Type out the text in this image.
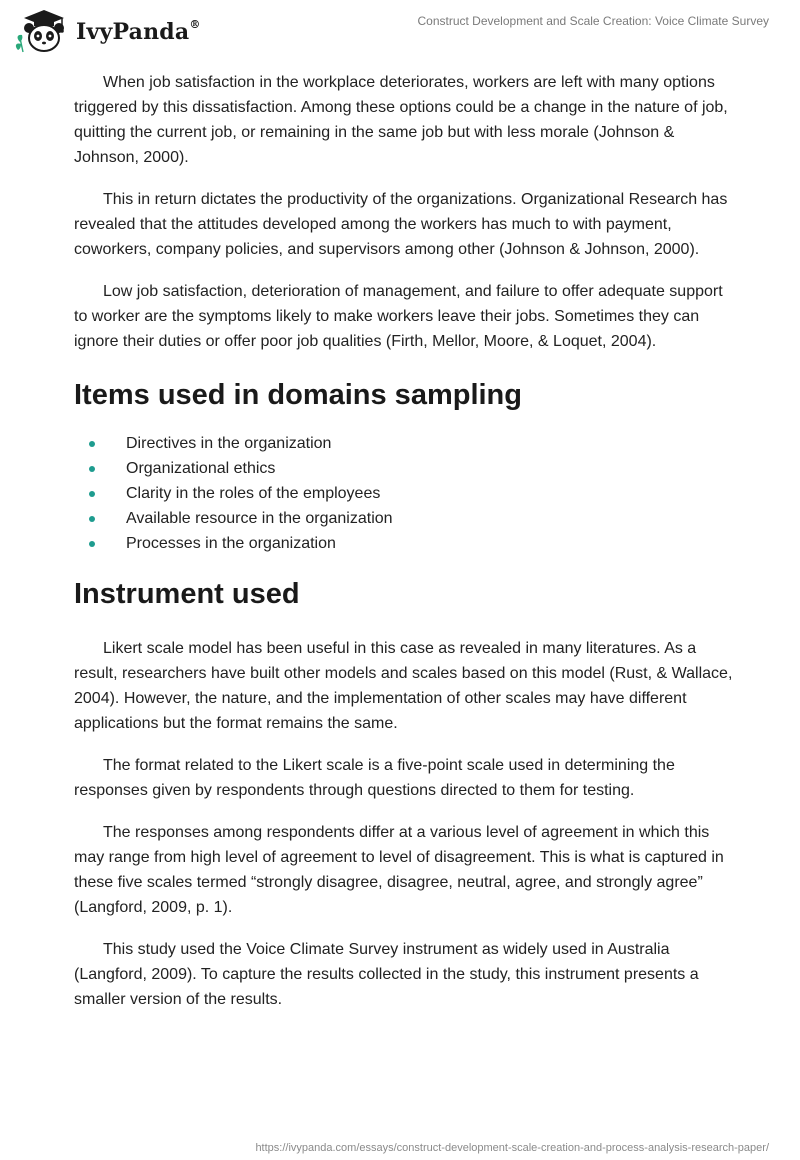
IvyPanda®	Construct Development and Scale Creation: Voice Climate Survey

When job satisfaction in the workplace deteriorates, workers are left with many options triggered by this dissatisfaction. Among these options could be a change in the nature of job, quitting the current job, or remaining in the same job but with less morale (Johnson & Johnson, 2000).

This in return dictates the productivity of the organizations. Organizational Research has revealed that the attitudes developed among the workers has much to with payment, coworkers, company policies, and supervisors among other (Johnson & Johnson, 2000).

Low job satisfaction, deterioration of management, and failure to offer adequate support to worker are the symptoms likely to make workers leave their jobs. Sometimes they can ignore their duties or offer poor job qualities (Firth, Mellor, Moore, & Loquet, 2004).

Items used in domains sampling
Directives in the organization
Organizational ethics
Clarity in the roles of the employees
Available resource in the organization
Processes in the organization
Instrument used

Likert scale model has been useful in this case as revealed in many literatures. As a result, researchers have built other models and scales based on this model (Rust, & Wallace, 2004). However, the nature, and the implementation of other scales may have different applications but the format remains the same.

The format related to the Likert scale is a five-point scale used in determining the responses given by respondents through questions directed to them for testing.

The responses among respondents differ at a various level of agreement in which this may range from high level of agreement to level of disagreement. This is what is captured in these five scales termed “strongly disagree, disagree, neutral, agree, and strongly agree” (Langford, 2009, p. 1).

This study used the Voice Climate Survey instrument as widely used in Australia (Langford, 2009). To capture the results collected in the study, this instrument presents a smaller version of the results.

https://ivypanda.com/essays/construct-development-scale-creation-and-process-analysis-research-paper/
